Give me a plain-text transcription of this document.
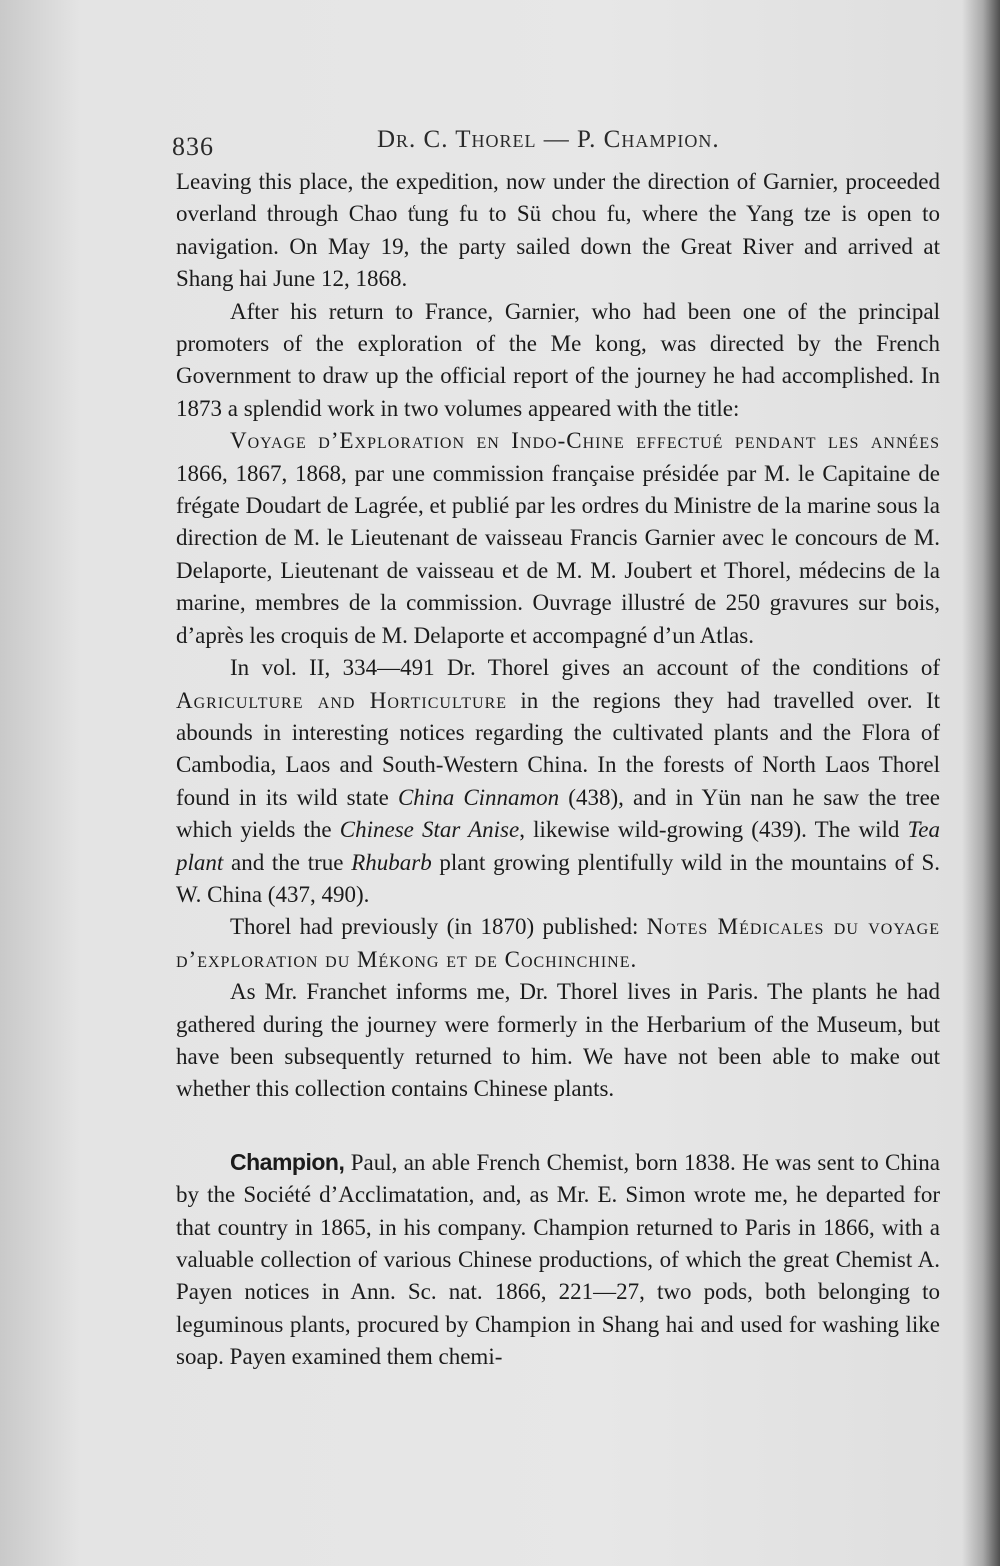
836	Dr. C. Thorel — P. Champion.

Leaving this place, the expedition, now under the direction of Garnier, proceeded overland through Chao t͑ung fu to Sü chou fu, where the Yang tze is open to navigation. On May 19, the party sailed down the Great River and arrived at Shang hai June 12, 1868.

After his return to France, Garnier, who had been one of the principal promoters of the exploration of the Me kong, was directed by the French Government to draw up the official report of the journey he had accomplished. In 1873 a splendid work in two volumes appeared with the title:

Voyage d’Exploration en Indo-Chine effectué pendant les années 1866, 1867, 1868, par une commission française présidée par M. le Capitaine de frégate Doudart de Lagrée, et publié par les ordres du Ministre de la marine sous la direction de M. le Lieutenant de vaisseau Francis Garnier avec le concours de M. Delaporte, Lieutenant de vaisseau et de M. M. Joubert et Thorel, médecins de la marine, membres de la commission. Ouvrage illustré de 250 gravures sur bois, d’après les croquis de M. Delaporte et accompagné d’un Atlas.

In vol. II, 334—491 Dr. Thorel gives an account of the conditions of Agriculture and Horticulture in the regions they had travelled over. It abounds in interesting notices regarding the cultivated plants and the Flora of Cambodia, Laos and South-Western China. In the forests of North Laos Thorel found in its wild state China Cinnamon (438), and in Yün nan he saw the tree which yields the Chinese Star Anise, likewise wild-growing (439). The wild Tea plant and the true Rhubarb plant growing plentifully wild in the mountains of S. W. China (437, 490).

Thorel had previously (in 1870) published: Notes Médicales du voyage d’exploration du Mékong et de Cochinchine.

As Mr. Franchet informs me, Dr. Thorel lives in Paris. The plants he had gathered during the journey were formerly in the Herbarium of the Museum, but have been subsequently returned to him. We have not been able to make out whether this collection contains Chinese plants.

Champion, Paul, an able French Chemist, born 1838. He was sent to China by the Société d’Acclimatation, and, as Mr. E. Simon wrote me, he departed for that country in 1865, in his company. Champion returned to Paris in 1866, with a valuable collection of various Chinese productions, of which the great Chemist A. Payen notices in Ann. Sc. nat. 1866, 221—27, two pods, both belonging to leguminous plants, procured by Champion in Shang hai and used for washing like soap. Payen examined them chemi-
